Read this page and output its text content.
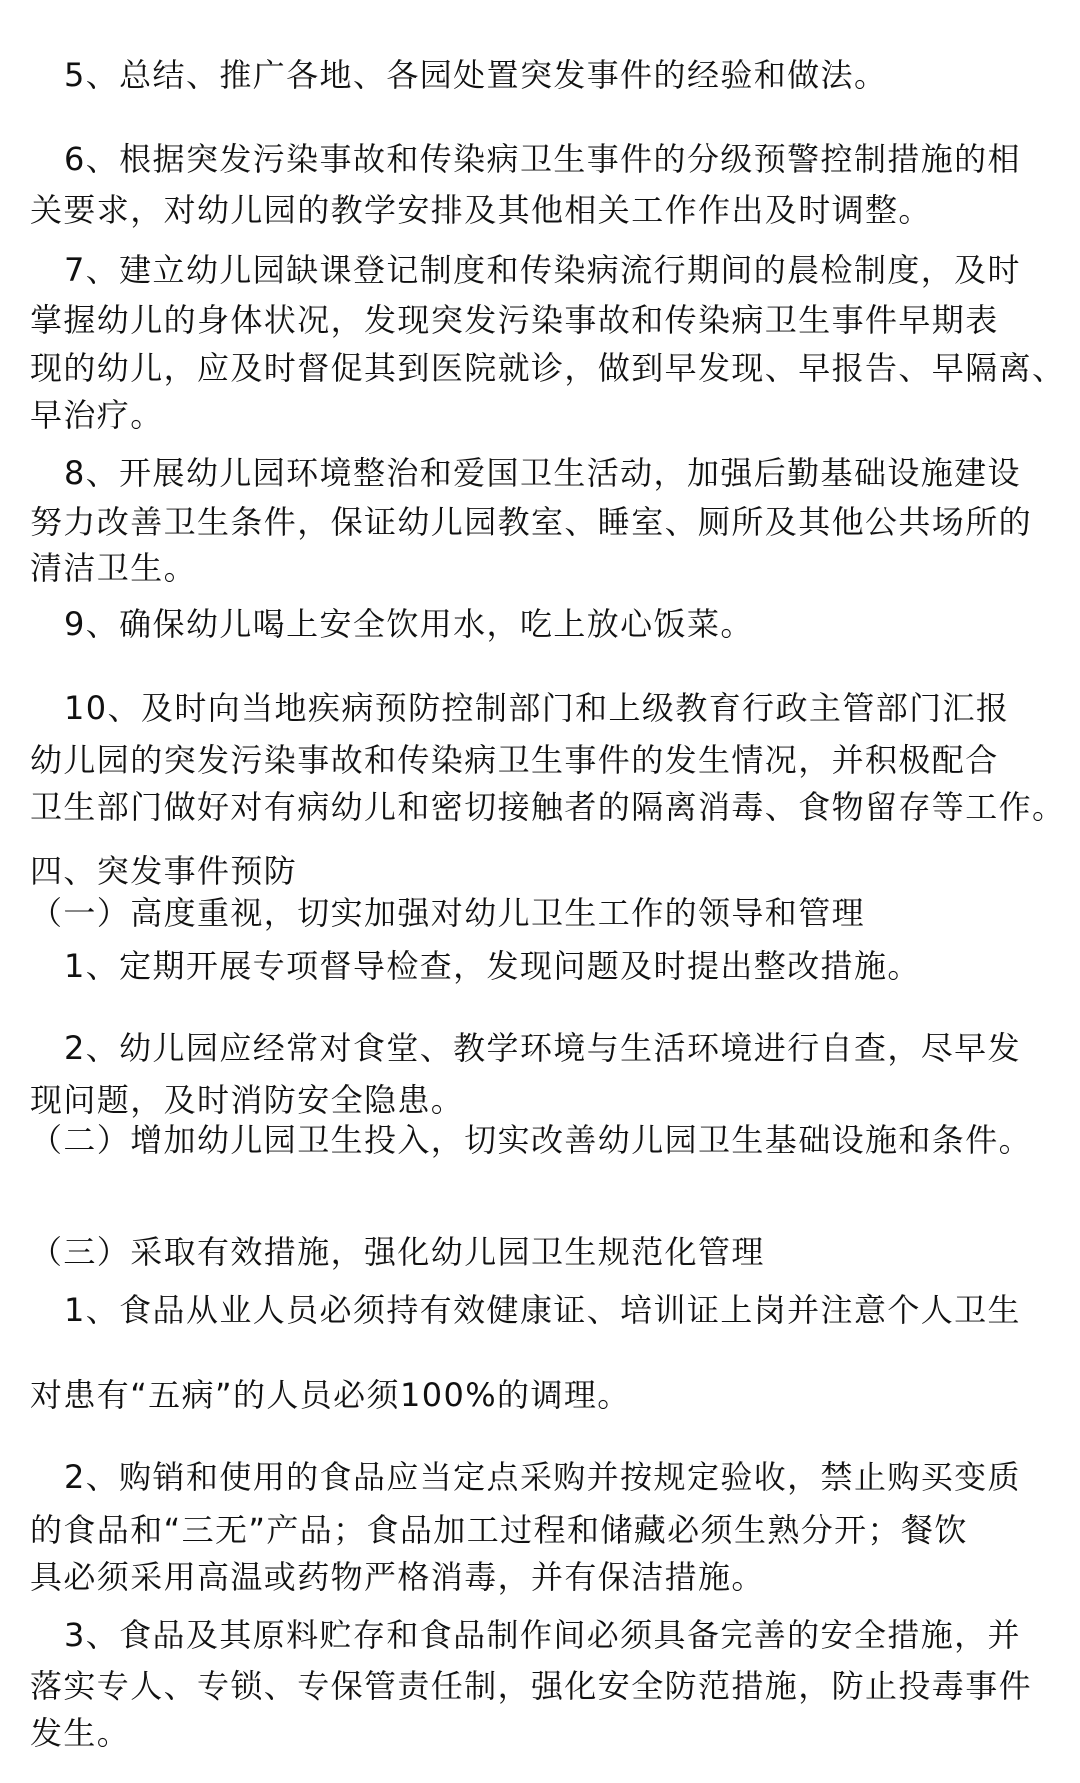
5、总结、推广各地、各园处置突发事件的经验和做法。
6、根据突发污染事故和传染病卫生事件的分级预警控制措施的相
关要求，对幼儿园的教学安排及其他相关工作作出及时调整。
7、建立幼儿园缺课登记制度和传染病流行期间的晨检制度，及时
掌握幼儿的身体状况，发现突发污染事故和传染病卫生事件早期表
现的幼儿，应及时督促其到医院就诊，做到早发现、早报告、早隔离、
早治疗。
8、开展幼儿园环境整治和爱国卫生活动，加强后勤基础设施建设
努力改善卫生条件，保证幼儿园教室、睡室、厕所及其他公共场所的
清洁卫生。
9、确保幼儿喝上安全饮用水，吃上放心饭菜。
10、及时向当地疾病预防控制部门和上级教育行政主管部门汇报
幼儿园的突发污染事故和传染病卫生事件的发生情况，并积极配合
卫生部门做好对有病幼儿和密切接触者的隔离消毒、食物留存等工作。
四、突发事件预防
（一）高度重视，切实加强对幼儿卫生工作的领导和管理
1、定期开展专项督导检查，发现问题及时提出整改措施。
2、幼儿园应经常对食堂、教学环境与生活环境进行自查，尽早发
现问题，及时消防安全隐患。
（二）增加幼儿园卫生投入，切实改善幼儿园卫生基础设施和条件。
（三）采取有效措施，强化幼儿园卫生规范化管理
1、食品从业人员必须持有效健康证、培训证上岗并注意个人卫生
对患有“五病”的人员必须100%的调理。
2、购销和使用的食品应当定点采购并按规定验收，禁止购买变质
的食品和“三无”产品；食品加工过程和储藏必须生熟分开；餐饮
具必须采用高温或药物严格消毒，并有保洁措施。
3、食品及其原料贮存和食品制作间必须具备完善的安全措施，并
落实专人、专锁、专保管责任制，强化安全防范措施，防止投毒事件
发生。
